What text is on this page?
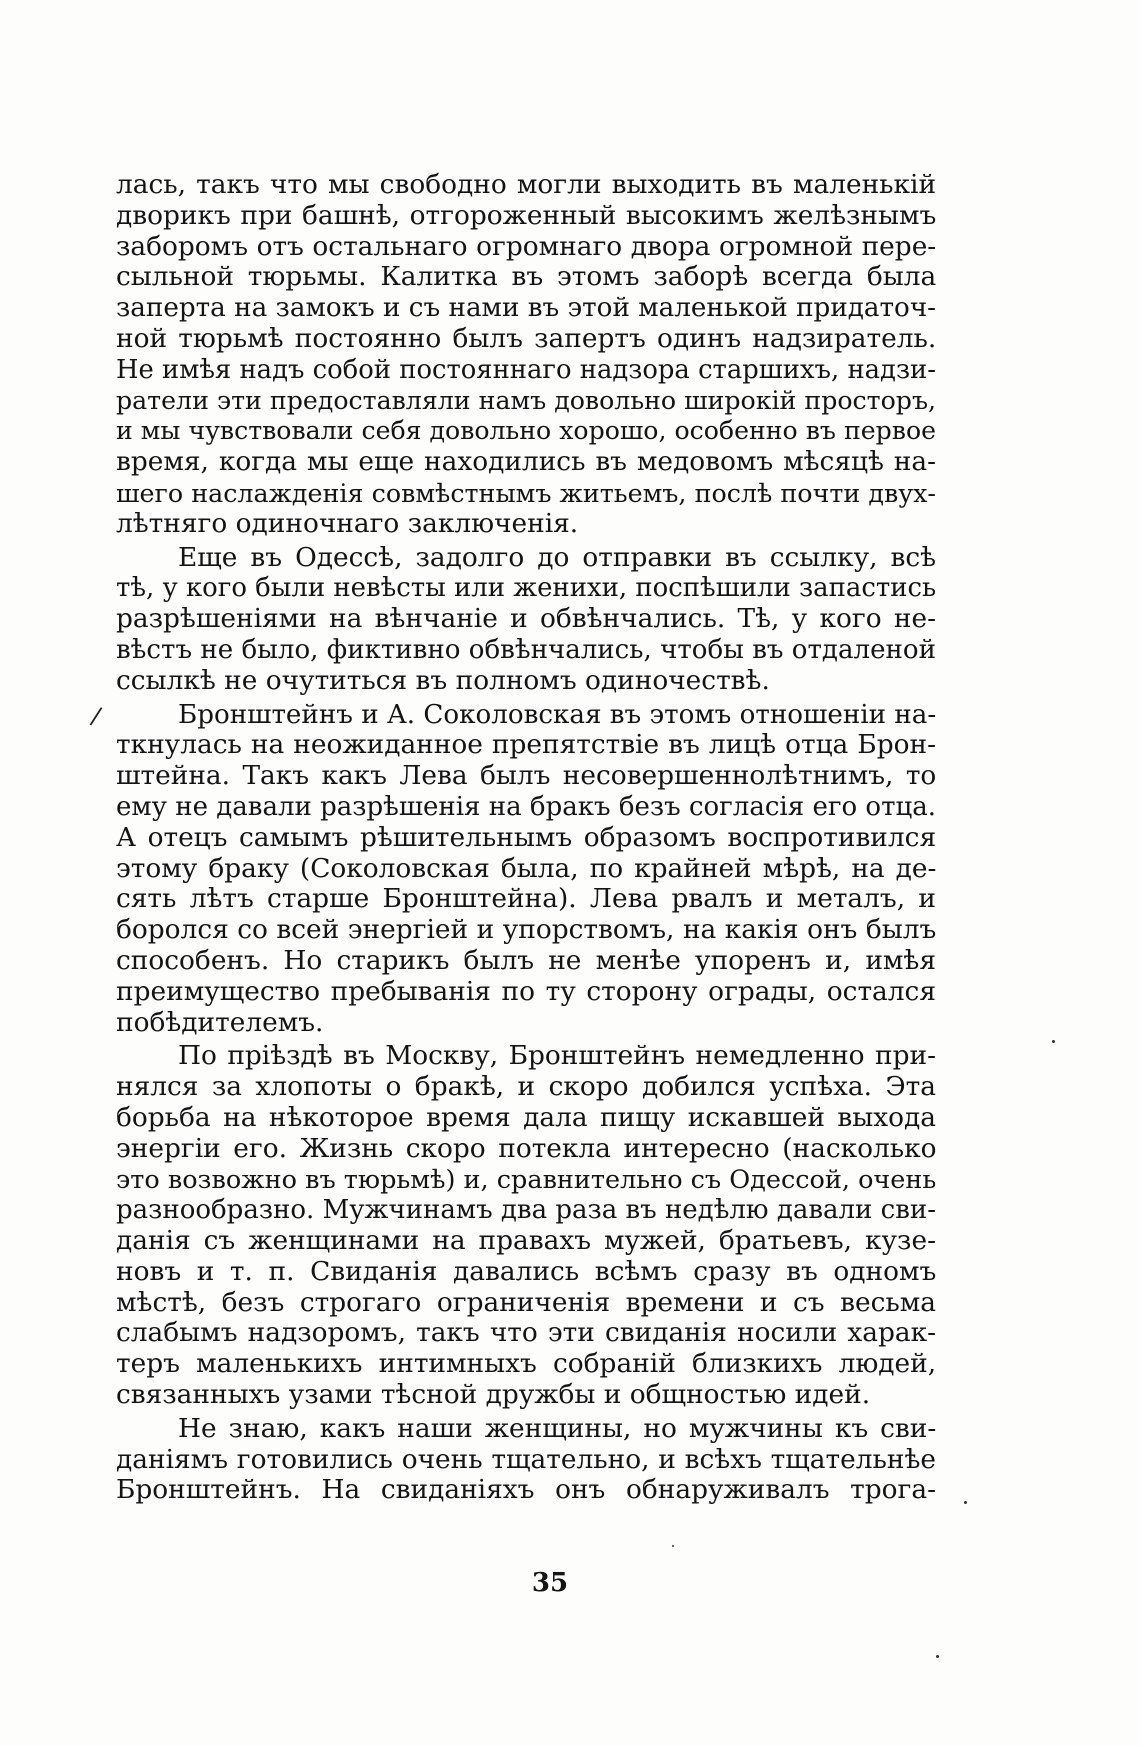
лась, такъ что мы свободно могли выходить въ маленькiй
дворикъ при башнѣ, отгороженный высокимъ желѣзнымъ
заборомъ отъ остальнаго огромнаго двора огромной пере-
сыльной тюрьмы. Калитка въ этомъ заборѣ всегда была
заперта на замокъ и съ нами въ этой маленькой придаточ-
ной тюрьмѣ постоянно былъ запертъ одинъ надзиратель.
Не имѣя надъ собой постояннаго надзора старшихъ, надзи-
ратели эти предоставляли намъ довольно широкiй просторъ,
и мы чувствовали себя довольно хорошо, особенно въ первое
время, когда мы еще находились въ медовомъ мѣсяцѣ на-
шего наслажденiя совмѣстнымъ житьемъ, послѣ почти двух-
лѣтняго одиночнаго заключенiя.
Еще въ Одессѣ, задолго до отправки въ ссылку, всѣ
тѣ, у кого были невѣсты или женихи, поспѣшили запастись
разрѣшенiями на вѣнчанiе и обвѣнчались. Тѣ, у кого не-
вѣстъ не было, фиктивно обвѣнчались, чтобы въ отдаленой
ссылкѣ не очутиться въ полномъ одиночествѣ.
Бронштейнъ и А. Соколовская въ этомъ отношенiи на-
ткнулась на неожиданное препятствiе въ лицѣ отца Брон-
штейна. Такъ какъ Лева былъ несовершеннолѣтнимъ, то
ему не давали разрѣшенiя на бракъ безъ согласiя его отца.
А отецъ самымъ рѣшительнымъ образомъ воспротивился
этому браку (Соколовская была, по крайней мѣрѣ, на де-
сять лѣтъ старше Бронштейна). Лева рвалъ и металъ, и
боролся со всей энергiей и упорствомъ, на какiя онъ былъ
способенъ. Но старикъ былъ не менѣе упоренъ и, имѣя
преимущество пребыванiя по ту сторону ограды, остался
побѣдителемъ.
По прiѣздѣ въ Москву, Бронштейнъ немедленно при-
нялся за хлопоты о бракѣ, и скоро добился успѣха. Эта
борьба на нѣкоторое время дала пищу искавшей выхода
энергiи его. Жизнь скоро потекла интересно (насколько
это возвожно въ тюрьмѣ) и, сравнительно съ Одессой, очень
разнообразно. Мужчинамъ два раза въ недѣлю давали сви-
данiя съ женщинами на правахъ мужей, братьевъ, кузе-
новъ и т. п. Свиданiя давались всѣмъ сразу въ одномъ
мѣстѣ, безъ строгаго ограниченiя времени и съ весьма
слабымъ надзоромъ, такъ что эти свиданiя носили харак-
теръ маленькихъ интимныхъ собранiй близкихъ людей,
связанныхъ узами тѣсной дружбы и общностью идей.
Не знаю, какъ наши женщины, но мужчины къ сви-
данiямъ готовились очень тщательно, и всѣхъ тщательнѣе
Бронштейнъ. На свиданiяхъ онъ обнаруживалъ трога-
/
35
